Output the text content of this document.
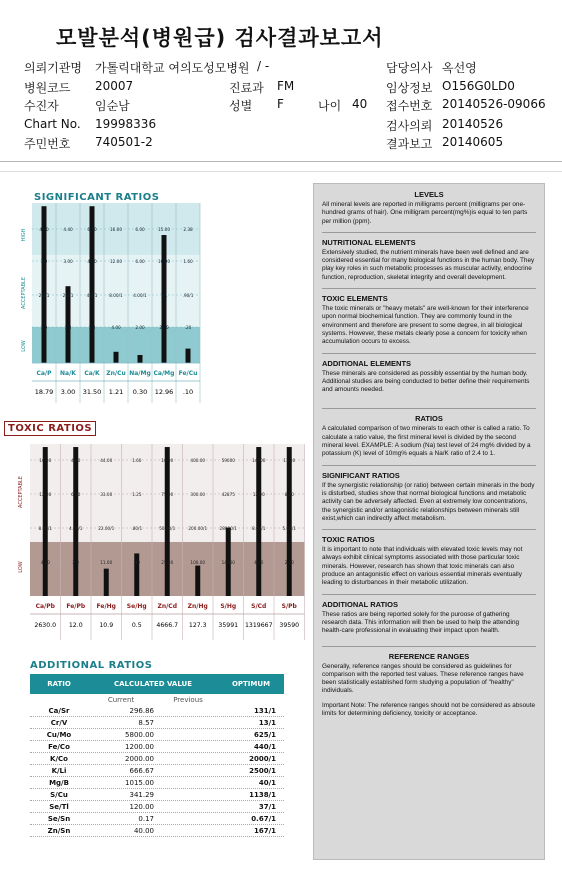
모발분석(병원급) 검사결과보고서
의뢰기관명 가톨릭대학교 여의도성모병원
병원코드 20007
수진자	임순남
Chart No. 19998336
주민번호 740501-2
/ -
진료과 FM
성별 F	나이 40
담당의사 옥선영
임상정보 O156G0LD0
접수번호 20140526-09066
검사의뢰 20140526
결과보고 20140605
SIGNIFICANT RATIOS
HIGH
ACCEPTABLE
LOW
4.00
3.0
2.5/1
1.0
Ca/P
18.79
4.40
3.00
2.4/1
1.8
Na/K
3.00
6.50
4.00
4.0/1
1.8
Ca/K
31.50
16.00
12.00
8.00/1
4.00
Zn/Cu
1.21
6.00
6.00
4.00/1
2.00
Na/Mg
0.30
15.00
10.00
7/1
2.00
Ca/Mg
12.96
2.38
1.60
.90/1
.20
Fe/Cu
.10
ACCEPTABLE
LOW
16.00
12.00
8.00/1
4.00
Ca/Pb
2630.0
4.00
6.00
4.00/1
2.0
Fe/Pb
12.0
44.00
33.00
22.00/1
11.00
Fe/Hg
10.9
1.60
1.25
.80/1
.40
Se/Hg
0.5
10.00
75.00
50.00/1
25.00
Zn/Cd
4666.7
400.00
300.00
200.00/1
100.00
Zn/Hg
127.3
59000
42875
28000/1
14000
S/Hg
35991
14000
12.00
8.00/1
4.00
S/Cd
1319667
11.00
8.00
5.00/1
2.00
S/Pb
39590
TOXIC RATIOS
ADDITIONAL RATIOS
RATIO	CALCULATED VALUE	OPTIMUM
Current	Previous
Ca/Sr	296.86	131/1
Cr/V	8.57	13/1
Cu/Mo	5800.00	625/1
Fe/Co	1200.00	440/1
K/Co	2000.00	2000/1
K/Li	666.67	2500/1
Mg/B	1015.00	40/1
S/Cu	341.29	1138/1
Se/Tl	120.00	37/1
Se/Sn	0.17	0.67/1
Zn/Sn	40.00	167/1
LEVELS
All mineral levels are reported in milligrams percent (milligrams per one-hundred grams of hair). One milligram percent(mg%)is equal to ten parts per million (ppm).
NUTRITIONAL ELEMENTS
Extensively studied, the nutrient minerals have been well defined and are considered essential for many biological functions in the human body. They play key roles in such metabolic processes as muscular activity, endocrine function, reproduction, skeletal integrity and overall development.
TOXIC ELEMENTS
The toxic minerals or "heavy metals" are well-known for their interference upon normal biochemical function. They are commonly found in the environment and therefore are present to some degree, in all biological systems. However, these metals clearly pose a concern for toxicity when accumulation occurs to excess.
ADDITIONAL ELEMENTS
These minerals are considered as possibly essential by the human body. Additional studies are being conducted to better define their requirements and amounts needed.
RATIOS
A calculated comparison of two minerals to each other is called a ratio. To calculate a ratio value, the first mineral level is divided by the second mineral level. EXAMPLE: A sodium (Na) test level of 24 mg% divided by a potassium (K) level of 10mg% equals a Na/K ratio of 2.4 to 1.
SIGNIFICANT RATIOS
If the synergistic relationship (or ratio) between certain minerals in the body is disturbed, studies show that normal biological functions and metabolic activity can be adversely affected. Even at extremely low concentrations, the synergistic and/or antagonistic relationships between minerals still exist,which can indirectly affect metabolism.
TOXIC RATIOS
It is important to note that individuals with elevated toxic levels may not always exhibit clinical symptoms associated with those particular toxic minerals. However, research has shown that toxic minerals can also produce an antagonistic effect on various essential minerals eventually leading to disturbances in their metabolic utilization.
ADDITIONAL RATIOS
These ratios are being reported solely for the puroose of gathering research data. This information will then be used to help the attending health-care professional in evaluating their impact upon health.
REFERENCE RANGES
Generally, reference ranges should be considered as guidelines for comparison with the reported test values. These reference ranges have been statistically established form studying a population of "healthy" individuals.
Important Note: The reference ranges should not be considered as absoute limits for determining deficiency, toxicity or acceptance.
